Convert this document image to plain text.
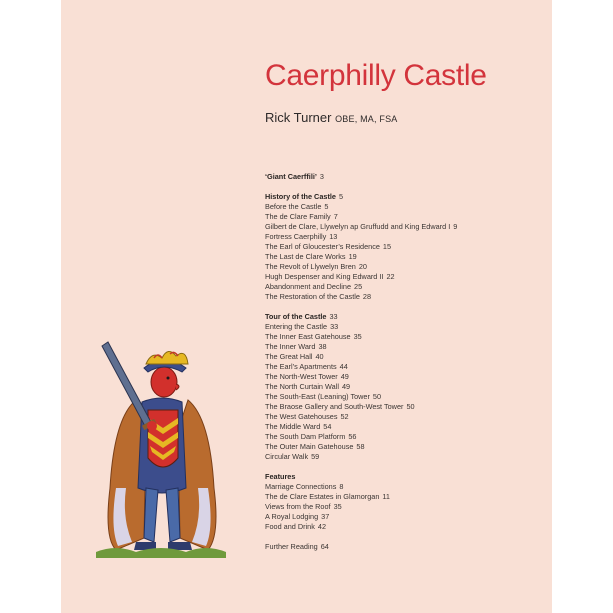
Caerphilly Castle
Rick Turner OBE, MA, FSA
‘Giant Caerffili’ 3
History of the Castle 5
Before the Castle 5
The de Clare Family 7
Gilbert de Clare, Llywelyn ap Gruffudd and King Edward I 9
Fortress Caerphilly 13
The Earl of Gloucester’s Residence 15
The Last de Clare Works 19
The Revolt of Llywelyn Bren 20
Hugh Despenser and King Edward II 22
Abandonment and Decline 25
The Restoration of the Castle 28
Tour of the Castle 33
Entering the Castle 33
The Inner East Gatehouse 35
The Inner Ward 38
The Great Hall 40
The Earl’s Apartments 44
The North-West Tower 49
The North Curtain Wall 49
The South-East (Leaning) Tower 50
The Braose Gallery and South-West Tower 50
The West Gatehouses 52
The Middle Ward 54
The South Dam Platform 56
The Outer Main Gatehouse 58
Circular Walk 59
Features
Marriage Connections 8
The de Clare Estates in Glamorgan 11
Views from the Roof 35
A Royal Lodging 37
Food and Drink 42
Further Reading 64
